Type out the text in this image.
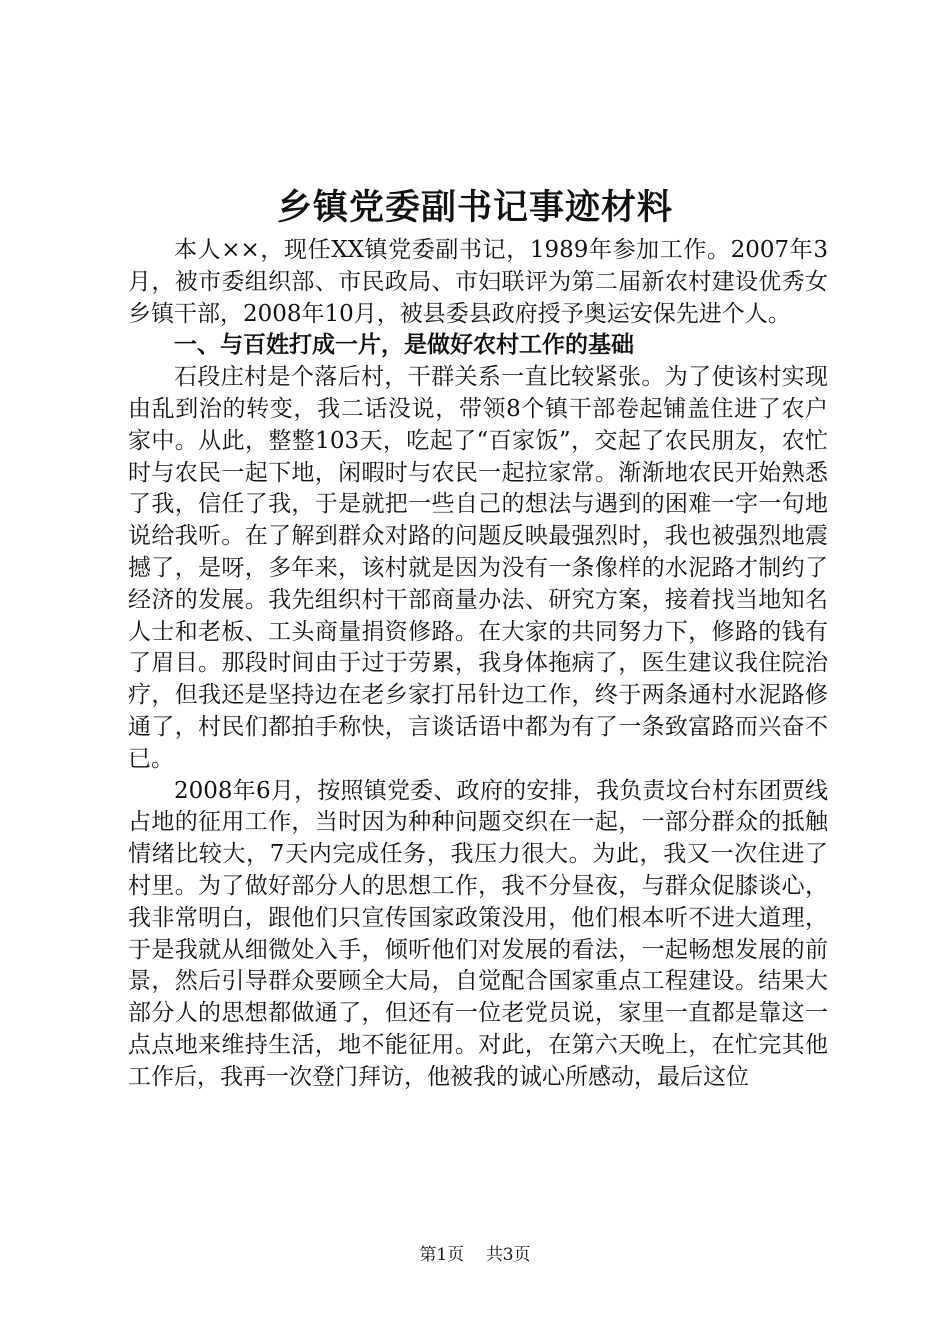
乡镇党委副书记事迹材料

本人××，现任XX镇党委副书记，1989年参加工作。2007年3月，被市委组织部、市民政局、市妇联评为第二届新农村建设优秀女乡镇干部，2008年10月，被县委县政府授予奥运安保先进个人。

一、与百姓打成一片，是做好农村工作的基础

石段庄村是个落后村，干群关系一直比较紧张。为了使该村实现由乱到治的转变，我二话没说，带领8个镇干部卷起铺盖住进了农户家中。从此，整整103天，吃起了“百家饭”，交起了农民朋友，农忙时与农民一起下地，闲暇时与农民一起拉家常。渐渐地农民开始熟悉了我，信任了我，于是就把一些自己的想法与遇到的困难一字一句地说给我听。在了解到群众对路的问题反映最强烈时，我也被强烈地震撼了，是呀，多年来，该村就是因为没有一条像样的水泥路才制约了经济的发展。我先组织村干部商量办法、研究方案，接着找当地知名人士和老板、工头商量捐资修路。在大家的共同努力下，修路的钱有了眉目。那段时间由于过于劳累，我身体拖病了，医生建议我住院治疗，但我还是坚持边在老乡家打吊针边工作，终于两条通村水泥路修通了，村民们都拍手称快，言谈话语中都为有了一条致富路而兴奋不已。

2008年6月，按照镇党委、政府的安排，我负责坟台村东团贾线占地的征用工作，当时因为种种问题交织在一起，一部分群众的抵触情绪比较大，7天内完成任务，我压力很大。为此，我又一次住进了村里。为了做好部分人的思想工作，我不分昼夜，与群众促膝谈心，我非常明白，跟他们只宣传国家政策没用，他们根本听不进大道理，于是我就从细微处入手，倾听他们对发展的看法，一起畅想发展的前景，然后引导群众要顾全大局，自觉配合国家重点工程建设。结果大部分人的思想都做通了，但还有一位老党员说，家里一直都是靠这一点点地来维持生活，地不能征用。对此，在第六天晚上，在忙完其他工作后，我再一次登门拜访，他被我的诚心所感动，最后这位

第1页 共3页
